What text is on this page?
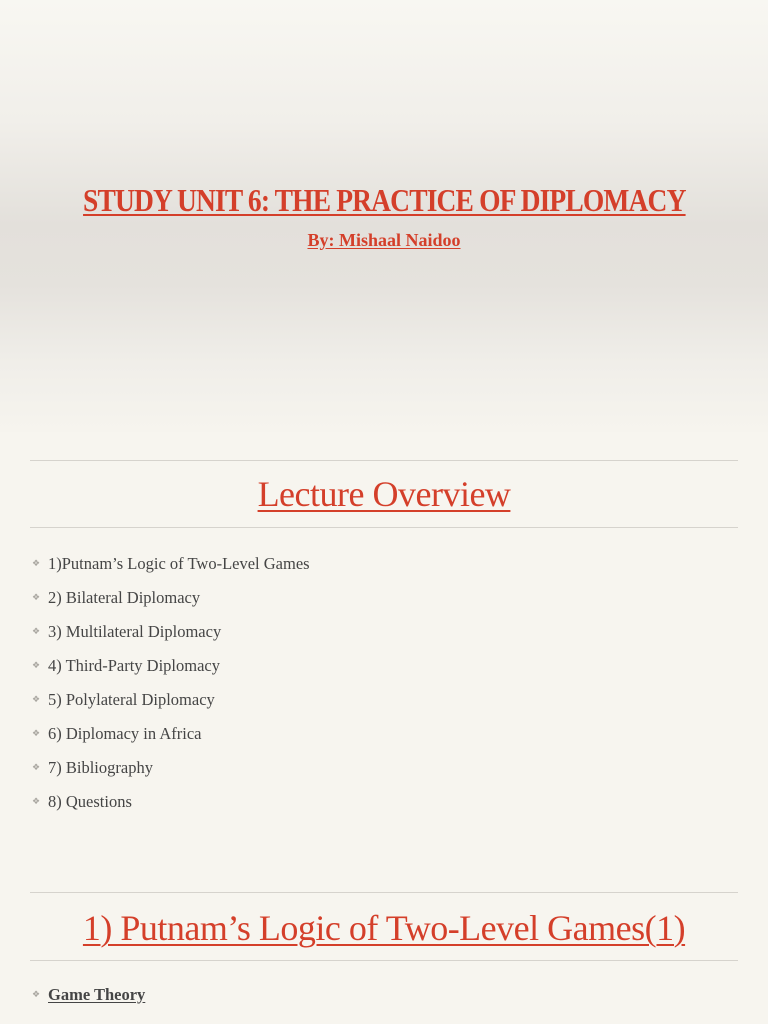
STUDY UNIT 6: THE PRACTICE OF DIPLOMACY
By: Mishaal Naidoo
Lecture Overview
❖ 1)Putnam’s Logic of Two-Level Games
❖ 2) Bilateral Diplomacy
❖ 3) Multilateral Diplomacy
❖ 4) Third-Party Diplomacy
❖ 5) Polylateral Diplomacy
❖ 6) Diplomacy in Africa
❖ 7) Bibliography
❖ 8) Questions
1) Putnam’s Logic of Two-Level Games(1)
❖ Game Theory
